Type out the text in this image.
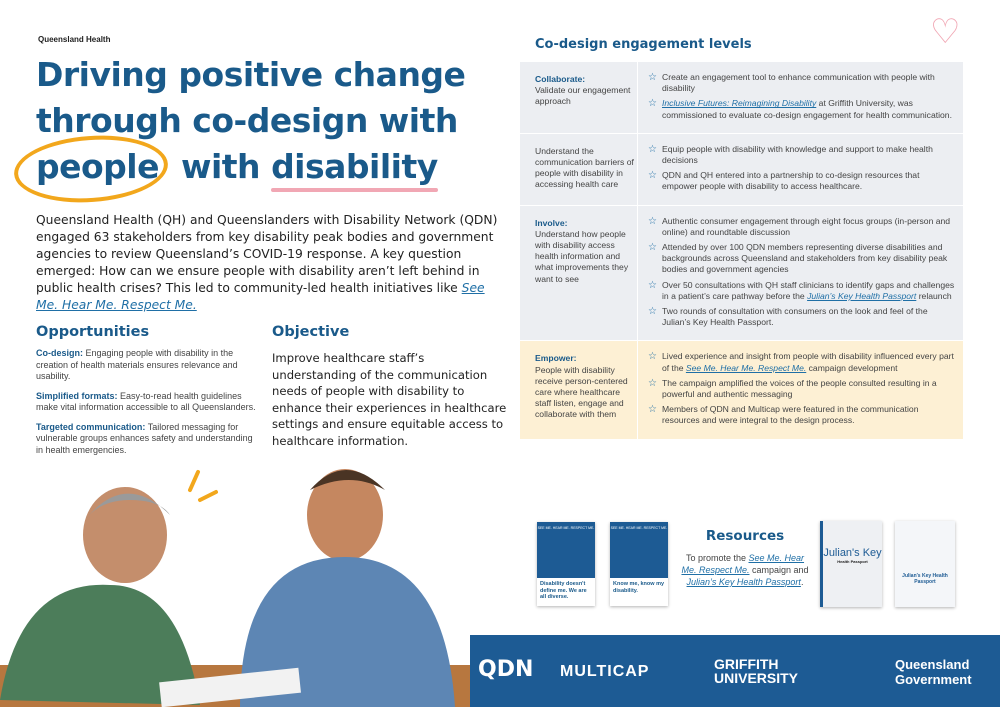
Queensland Health	♡
Driving positive change
through co-design with
people with disability
Queensland Health (QH) and Queenslanders with Disability Network (QDN) engaged 63 stakeholders from key disability peak bodies and government agencies to review Queensland’s COVID-19 response. A key question emerged: How can we ensure people with disability aren’t left behind in public health crises? This led to community-led health initiatives like See Me. Hear Me. Respect Me.
Opportunities

Co-design: Engaging people with disability in the creation of health materials ensures relevance and usability.

Simplified formats: Easy-to-read health guidelines make vital information accessible to all Queenslanders.

Targeted communication: Tailored messaging for vulnerable groups enhances safety and understanding in health emergencies.

Objective

Improve healthcare staff’s understanding of the communication needs of people with disability to enhance their experiences in healthcare settings and ensure equitable access to healthcare information.

Co-design engagement levels
Collaborate:
Validate our engagement approach
☆ Create an engagement tool to enhance communication with people with disability
☆ Inclusive Futures: Reimagining Disability at Griffith University, was commissioned to evaluate co-design engagement for health communication.
Understand the communication barriers of people with disability in accessing health care
☆ Equip people with disability with knowledge and support to make health decisions
☆ QDN and QH entered into a partnership to co-design resources that empower people with disability to access healthcare.
Involve:
Understand how people with disability access health information and what improvements they want to see
☆ Authentic consumer engagement through eight focus groups (in-person and online) and roundtable discussion
☆ Attended by over 100 QDN members representing diverse disabilities and backgrounds across Queensland and stakeholders from key disability peak bodies and government agencies
☆ Over 50 consultations with QH staff clinicians to identify gaps and challenges in a patient’s care pathway before the Julian’s Key Health Passport relaunch
☆ Two rounds of consultation with consumers on the look and feel of the Julian’s Key Health Passport.
Empower:
People with disability receive person-centered care where healthcare staff listen, engage and collaborate with them
☆ Lived experience and insight from people with disability influenced every part of the See Me. Hear Me. Respect Me. campaign development
☆ The campaign amplified the voices of the people consulted resulting in a powerful and authentic messaging
☆ Members of QDN and Multicap were featured in the communication resources and were integral to the design process.
SEE ME. HEAR ME. RESPECT ME.
Disability doesn't define me. We are all diverse.
SEE ME. HEAR ME. RESPECT ME.
Know me, know my disability.
Resources

To promote the See Me. Hear Me. Respect Me. campaign and Julian’s Key Health Passport.

Julian's Key
Health Passport
Julian's Key Health Passport
QDN MULTICAP	GRIFFITH UNIVERSITY
Queensland Government
